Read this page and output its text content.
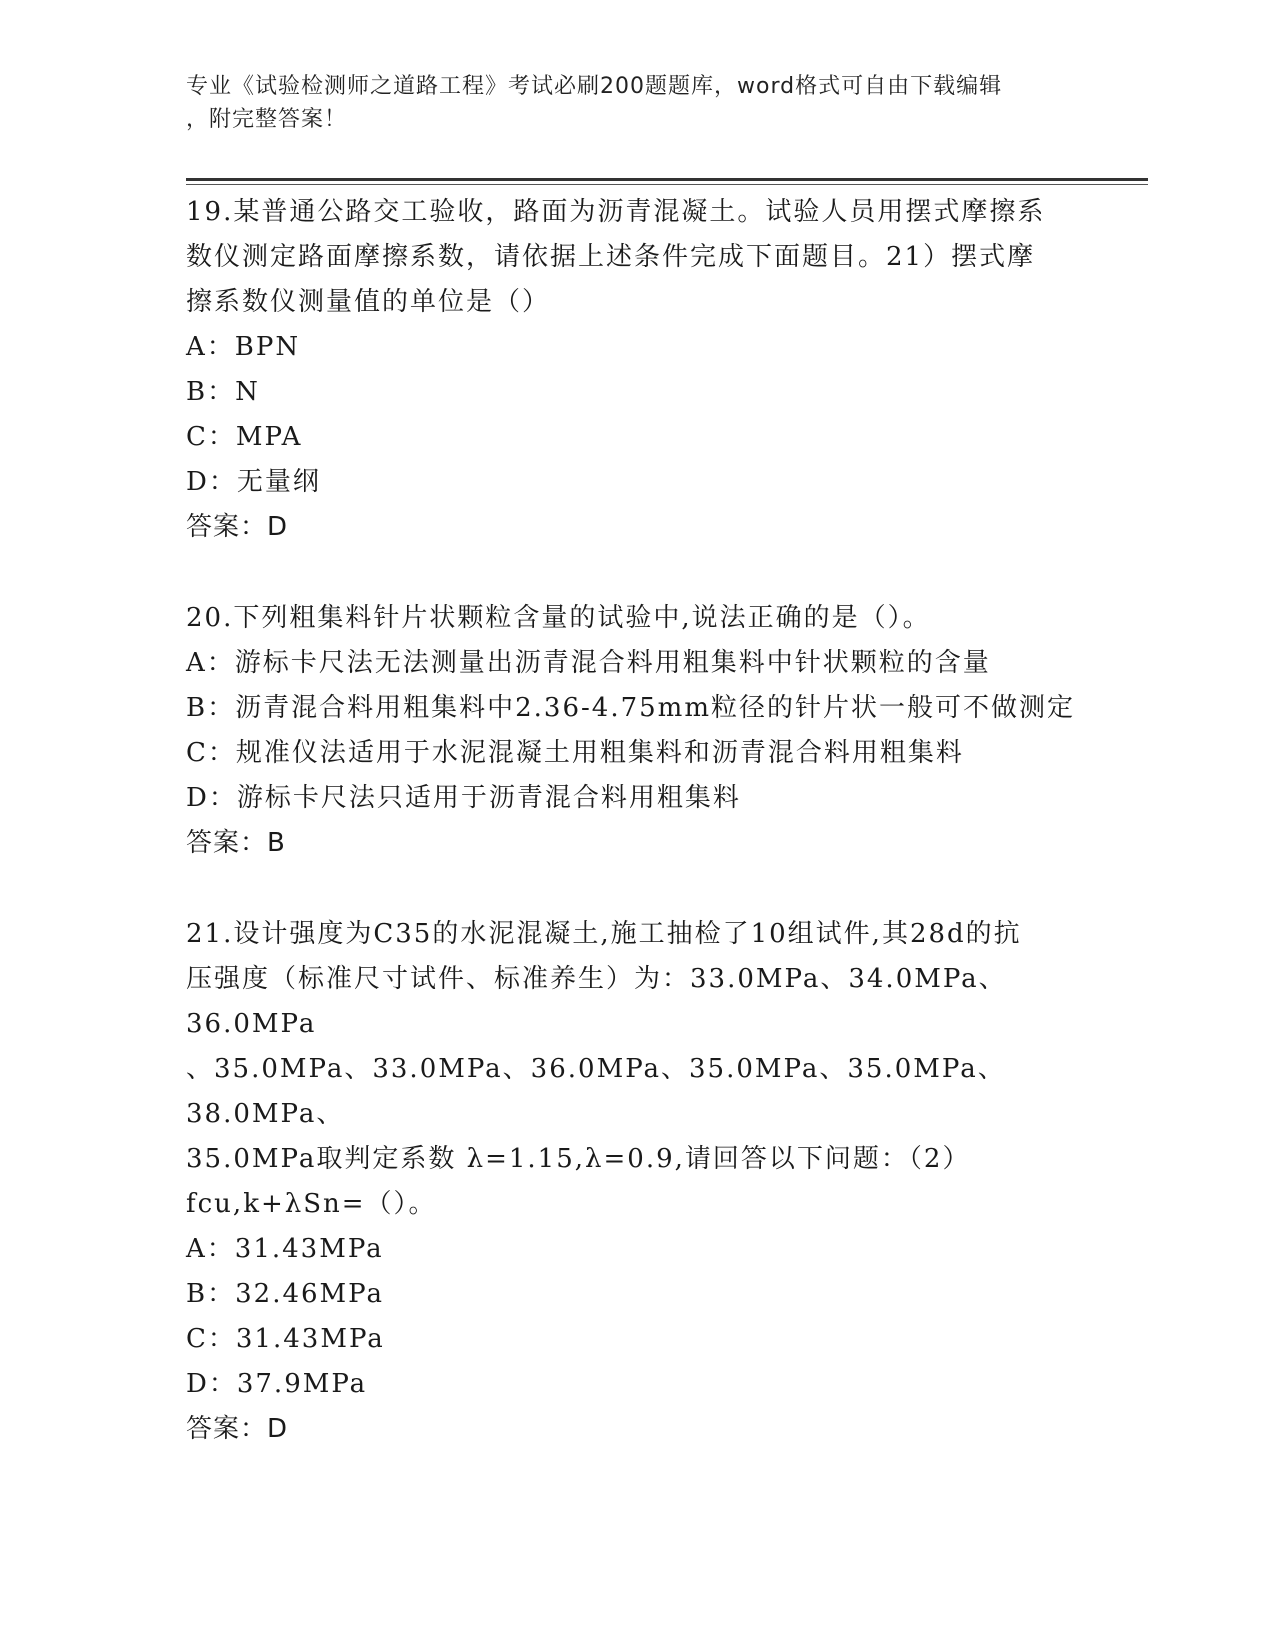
专业《试验检测师之道路工程》考试必刷200题题库，word格式可自由下载编辑
，附完整答案！
19.某普通公路交工验收，路面为沥青混凝土。试验人员用摆式摩擦系
数仪测定路面摩擦系数，请依据上述条件完成下面题目。21）摆式摩
擦系数仪测量值的单位是（）
A：BPN
B：N
C：MPA
D：无量纲
答案：D
20.下列粗集料针片状颗粒含量的试验中,说法正确的是（）。
A：游标卡尺法无法测量出沥青混合料用粗集料中针状颗粒的含量
B：沥青混合料用粗集料中2.36-4.75mm粒径的针片状一般可不做测定
C：规准仪法适用于水泥混凝土用粗集料和沥青混合料用粗集料
D：游标卡尺法只适用于沥青混合料用粗集料
答案：B
21.设计强度为C35的水泥混凝土,施工抽检了10组试件,其28d的抗
压强度（标准尺寸试件、标准养生）为：33.0MPa、34.0MPa、36.0MPa
、35.0MPa、33.0MPa、36.0MPa、35.0MPa、35.0MPa、38.0MPa、
35.0MPa取判定系数 λ=1.15,λ=0.9,请回答以下问题：（2）
fcu,k+λSn=（）。
A：31.43MPa
B：32.46MPa
C：31.43MPa
D：37.9MPa
答案：D
